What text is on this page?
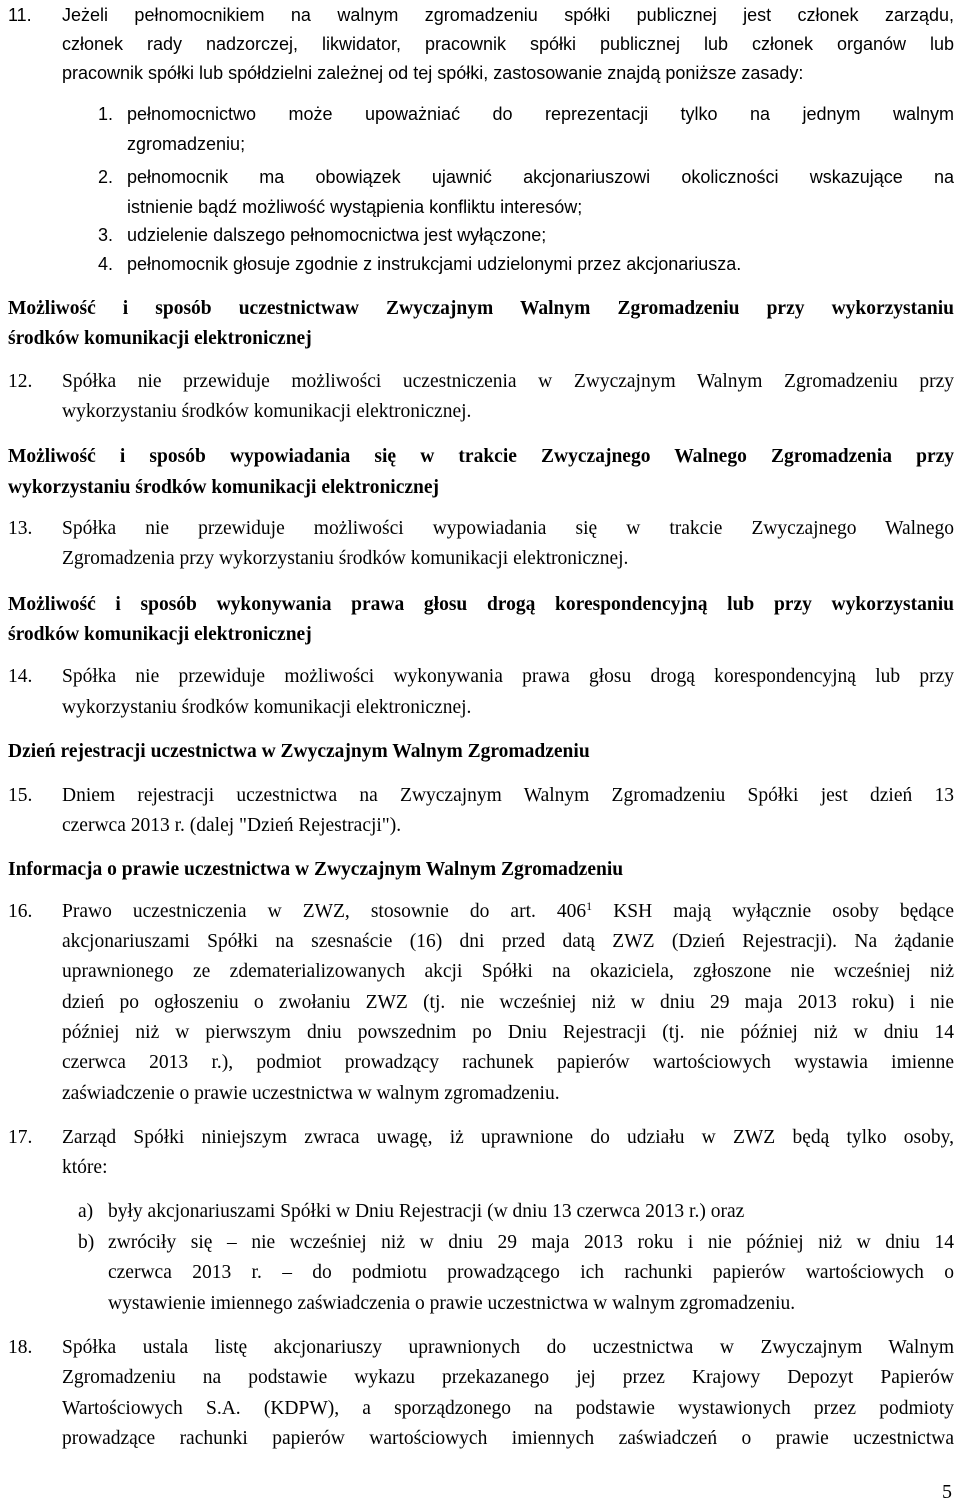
11. Jeżeli pełnomocnikiem na walnym zgromadzeniu spółki publicznej jest członek zarządu,
członek rady nadzorczej, likwidator, pracownik spółki publicznej lub członek organów lub
pracownik spółki lub spółdzielni zależnej od tej spółki, zastosowanie znajdą poniższe zasady:
1. pełnomocnictwo może upoważniać do reprezentacji tylko na jednym walnym
zgromadzeniu;
2. pełnomocnik ma obowiązek ujawnić akcjonariuszowi okoliczności wskazujące na
istnienie bądź możliwość wystąpienia konfliktu interesów;
3. udzielenie dalszego pełnomocnictwa jest wyłączone;
4. pełnomocnik głosuje zgodnie z instrukcjami udzielonymi przez akcjonariusza.
Możliwość i sposób uczestnictwaw Zwyczajnym Walnym Zgromadzeniu przy wykorzystaniu
środków komunikacji elektronicznej
12. Spółka nie przewiduje możliwości uczestniczenia w Zwyczajnym Walnym Zgromadzeniu przy
wykorzystaniu środków komunikacji elektronicznej.
Możliwość i sposób wypowiadania się w trakcie Zwyczajnego Walnego Zgromadzenia przy
wykorzystaniu środków komunikacji elektronicznej
13. Spółka nie przewiduje możliwości wypowiadania się w trakcie Zwyczajnego Walnego
Zgromadzenia przy wykorzystaniu środków komunikacji elektronicznej.
Możliwość i sposób wykonywania prawa głosu drogą korespondencyjną lub przy wykorzystaniu
środków komunikacji elektronicznej
14. Spółka nie przewiduje możliwości wykonywania prawa głosu drogą korespondencyjną lub przy
wykorzystaniu środków komunikacji elektronicznej.
Dzień rejestracji uczestnictwa w Zwyczajnym Walnym Zgromadzeniu
15. Dniem rejestracji uczestnictwa na Zwyczajnym Walnym Zgromadzeniu Spółki jest dzień 13
czerwca 2013 r. (dalej "Dzień Rejestracji").
Informacja o prawie uczestnictwa w Zwyczajnym Walnym Zgromadzeniu
16. Prawo uczestniczenia w ZWZ, stosownie do art. $406^1$ KSH mają wyłącznie osoby będące
akcjonariuszami Spółki na szesnaście (16) dni przed datą ZWZ (Dzień Rejestracji). Na żądanie
uprawnionego ze zdematerializowanych akcji Spółki na okaziciela, zgłoszone nie wcześniej niż
dzień po ogłoszeniu o zwołaniu ZWZ (tj. nie wcześniej niż w dniu 29 maja 2013 roku) i nie
później niż w pierwszym dniu powszednim po Dniu Rejestracji (tj. nie później niż w dniu 14
czerwca 2013 r.), podmiot prowadzący rachunek papierów wartościowych wystawia imienne
zaświadczenie o prawie uczestnictwa w walnym zgromadzeniu.
17. Zarząd Spółki niniejszym zwraca uwagę, iż uprawnione do udziału w ZWZ będą tylko osoby,
które:
a) były akcjonariuszami Spółki w Dniu Rejestracji (w dniu 13 czerwca 2013 r.) oraz
b) zwróciły się – nie wcześniej niż w dniu 29 maja 2013 roku i nie później niż w dniu 14
czerwca 2013 r. – do podmiotu prowadzącego ich rachunki papierów wartościowych o
wystawienie imiennego zaświadczenia o prawie uczestnictwa w walnym zgromadzeniu.
18. Spółka ustala listę akcjonariuszy uprawnionych do uczestnictwa w Zwyczajnym Walnym
Zgromadzeniu na podstawie wykazu przekazanego jej przez Krajowy Depozyt Papierów
Wartościowych S.A. (KDPW), a sporządzonego na podstawie wystawionych przez podmioty
prowadzące rachunki papierów wartościowych imiennych zaświadczeń o prawie uczestnictwa
5
